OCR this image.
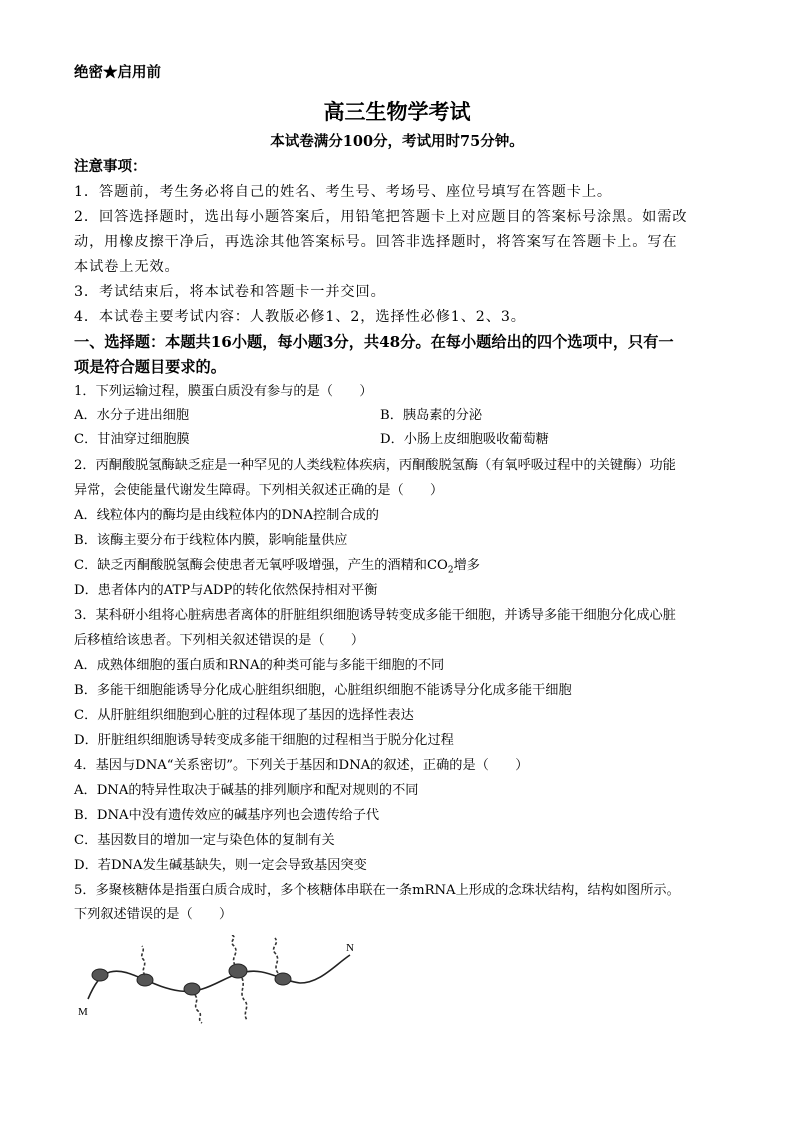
绝密★启用前
高三生物学考试
本试卷满分100分，考试用时75分钟。
注意事项：
1．答题前，考生务必将自己的姓名、考生号、考场号、座位号填写在答题卡上。
2．回答选择题时，选出每小题答案后，用铅笔把答题卡上对应题目的答案标号涂黑。如需改
动，用橡皮擦干净后，再选涂其他答案标号。回答非选择题时，将答案写在答题卡上。写在
本试卷上无效。
3．考试结束后，将本试卷和答题卡一并交回。
4．本试卷主要考试内容：人教版必修1、2，选择性必修1、2、3。
一、选择题：本题共16小题，每小题3分，共48分。在每小题给出的四个选项中，只有一
项是符合题目要求的。
1．下列运输过程，膜蛋白质没有参与的是（　　）
A．水分子进出细胞	B．胰岛素的分泌
C．甘油穿过细胞膜	D．小肠上皮细胞吸收葡萄糖
2．丙酮酸脱氢酶缺乏症是一种罕见的人类线粒体疾病，丙酮酸脱氢酶（有氧呼吸过程中的关键酶）功能
异常，会使能量代谢发生障碍。下列相关叙述正确的是（　　）
A．线粒体内的酶均是由线粒体内的DNA控制合成的
B．该酶主要分布于线粒体内膜，影响能量供应
C．缺乏丙酮酸脱氢酶会使患者无氧呼吸增强，产生的酒精和$CO_2$增多
D．患者体内的ATP与ADP的转化依然保持相对平衡
3．某科研小组将心脏病患者离体的肝脏组织细胞诱导转变成多能干细胞，并诱导多能干细胞分化成心脏
后移植给该患者。下列相关叙述错误的是（　　）
A．成熟体细胞的蛋白质和RNA的种类可能与多能干细胞的不同
B．多能干细胞能诱导分化成心脏组织细胞，心脏组织细胞不能诱导分化成多能干细胞
C．从肝脏组织细胞到心脏的过程体现了基因的选择性表达
D．肝脏组织细胞诱导转变成多能干细胞的过程相当于脱分化过程
4．基因与DNA“关系密切”。下列关于基因和DNA的叙述，正确的是（　　）
A．DNA的特异性取决于碱基的排列顺序和配对规则的不同
B．DNA中没有遗传效应的碱基序列也会遗传给子代
C．基因数目的增加一定与染色体的复制有关
D．若DNA发生碱基缺失，则一定会导致基因突变
5．多聚核糖体是指蛋白质合成时，多个核糖体串联在一条mRNA上形成的念珠状结构，结构如图所示。
下列叙述错误的是（　　）
N
M
